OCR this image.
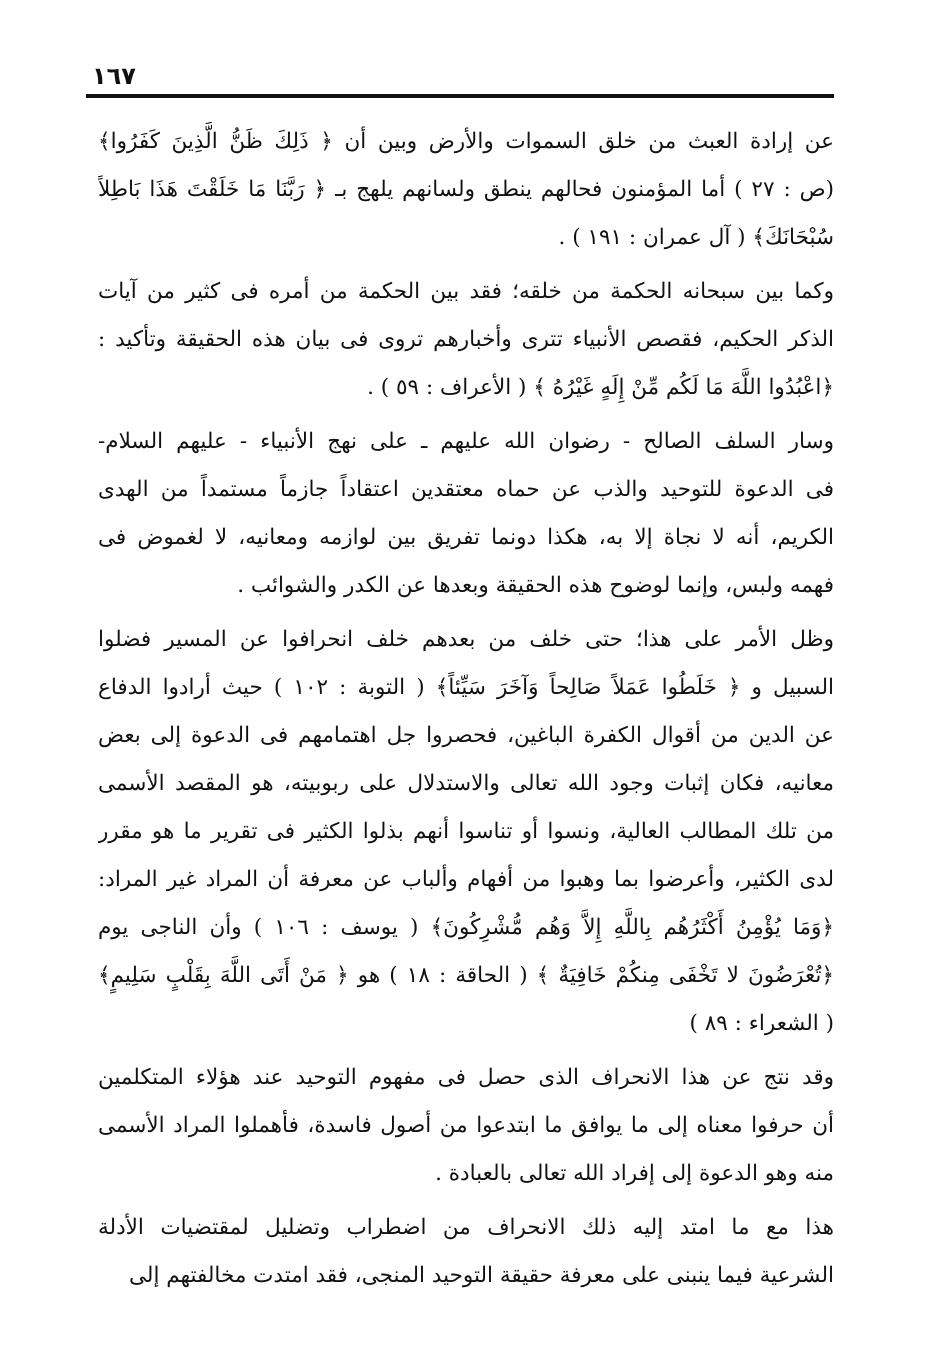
١٦٧

عن إرادة العبث من خلق السموات والأرض وبين أن ﴿ ذَلِكَ ظَنُّ الَّذِينَ كَفَرُوا﴾
(ص : ٢٧ ) أما المؤمنون فحالهم ينطق ولسانهم يلهج بـ ﴿ رَبَّنَا مَا خَلَقْتَ هَذَا بَاطِلاً
سُبْحَانَكَ﴾ ( آل عمران : ١٩١ ) .

وكما بين سبحانه الحكمة من خلقه؛ فقد بين الحكمة من أمره فى كثير من آيات
الذكر الحكيم، فقصص الأنبياء تترى وأخبارهم تروى فى بيان هذه الحقيقة وتأكيد :
﴿اعْبُدُوا اللَّهَ مَا لَكُم مِّنْ إِلَهٍ غَيْرُهُ ﴾ ( الأعراف : ٥٩ ) .

وسار السلف الصالح - رضوان الله عليهم ـ على نهج الأنبياء - عليهم السلام-
فى الدعوة للتوحيد والذب عن حماه معتقدين اعتقاداً جازماً مستمداً من الهدى
الكريم، أنه لا نجاة إلا به، هكذا دونما تفريق بين لوازمه ومعانيه، لا لغموض فى
فهمه ولبس، وإنما لوضوح هذه الحقيقة وبعدها عن الكدر والشوائب .

وظل الأمر على هذا؛ حتى خلف من بعدهم خلف انحرافوا عن المسير فضلوا
السبيل و ﴿ خَلَطُوا عَمَلاً صَالِحاً وَآخَرَ سَيِّئاً﴾ ( التوبة : ١٠٢ ) حيث أرادوا الدفاع
عن الدين من أقوال الكفرة الباغين، فحصروا جل اهتمامهم فى الدعوة إلى بعض
معانيه، فكان إثبات وجود الله تعالى والاستدلال على ربوبيته، هو المقصد الأسمى
من تلك المطالب العالية، ونسوا أو تناسوا أنهم بذلوا الكثير فى تقرير ما هو مقرر
لدى الكثير، وأعرضوا بما وهبوا من أفهام وألباب عن معرفة أن المراد غير المراد:
﴿وَمَا يُؤْمِنُ أَكْثَرُهُم بِاللَّهِ إِلاَّ وَهُم مُّشْرِكُونَ﴾ ( يوسف : ١٠٦ ) وأن الناجى يوم
﴿تُعْرَضُونَ لا تَخْفَى مِنكُمْ خَافِيَةٌ ﴾ ( الحاقة : ١٨ ) هو ﴿ مَنْ أَتَى اللَّهَ بِقَلْبٍ سَلِيمٍ﴾
( الشعراء : ٨٩ )

وقد نتج عن هذا الانحراف الذى حصل فى مفهوم التوحيد عند هؤلاء المتكلمين
أن حرفوا معناه إلى ما يوافق ما ابتدعوا من أصول فاسدة، فأهملوا المراد الأسمى
منه وهو الدعوة إلى إفراد الله تعالى بالعبادة .

هذا مع ما امتد إليه ذلك الانحراف من اضطراب وتضليل لمقتضيات الأدلة
الشرعية فيما ينبنى على معرفة حقيقة التوحيد المنجى، فقد امتدت مخالفتهم إلى
